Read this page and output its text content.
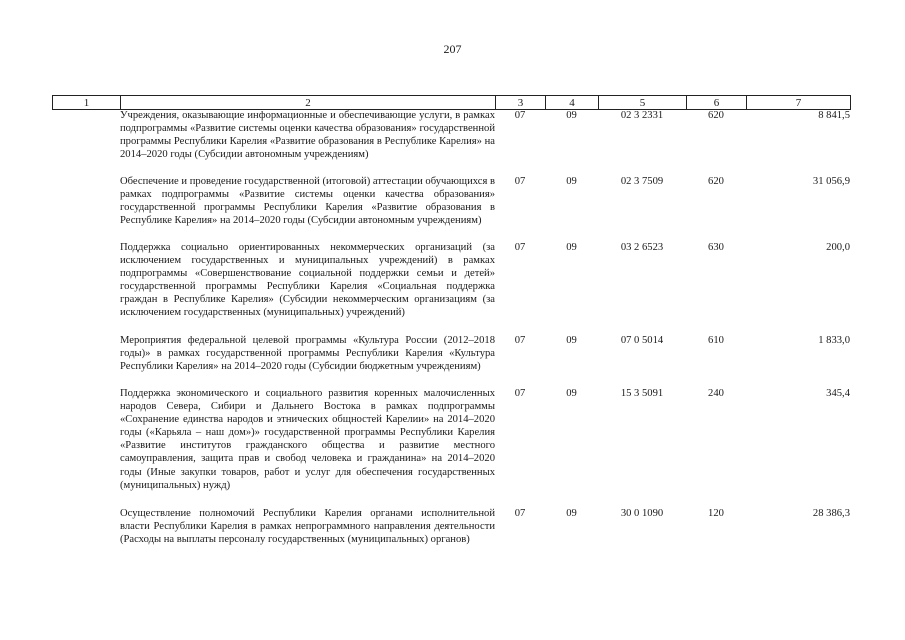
207
1	2	3	4	5	6	7
Учреждения, оказывающие информационные и обеспечивающие услуги, в рамках подпрограммы «Развитие системы оценки качества образования» государственной программы Республики Карелия «Развитие образования в Республике Карелия» на 2014–2020 годы (Субсидии автономным учреждениям)
07	09	02 3 2331	620	8 841,5
Обеспечение и проведение государственной (итоговой) аттестации обучающихся в рамках подпрограммы «Развитие системы оценки качества образования» государственной программы Республики Карелия «Развитие образования в Республике Карелия» на 2014–2020 годы (Субсидии автономным учреждениям)
07	09	02 3 7509	620	31 056,9
Поддержка социально ориентированных некоммерческих организаций (за исключением государственных и муниципальных учреждений) в рамках подпрограммы «Совершенствование социальной поддержки семьи и детей» государственной программы Республики Карелия «Социальная поддержка граждан в Республике Карелия» (Субсидии некоммерческим организациям (за исключением государственных (муниципальных) учреждений)
07	09	03 2 6523	630	200,0
Мероприятия федеральной целевой программы «Культура России (2012–2018 годы)» в рамках государственной программы Республики Карелия «Культура Республики Карелия» на 2014–2020 годы (Субсидии бюджетным учреждениям)
07	09	07 0 5014	610	1 833,0
Поддержка экономического и социального развития коренных малочисленных народов Севера, Сибири и Дальнего Востока в рамках подпрограммы «Сохранение единства народов и этнических общностей Карелии» на 2014–2020 годы («Карьяла – наш дом»)» государственной программы Республики Карелия «Развитие институтов гражданского общества и развитие местного самоуправления, защита прав и свобод человека и гражданина» на 2014–2020 годы (Иные закупки товаров, работ и услуг для обеспечения государственных (муниципальных) нужд)
07	09	15 3 5091	240	345,4
Осуществление полномочий Республики Карелия органами исполнительной власти Республики Карелия в рамках непрограммного направления деятельности (Расходы на выплаты персоналу государственных (муниципальных) органов)
07	09	30 0 1090	120	28 386,3
